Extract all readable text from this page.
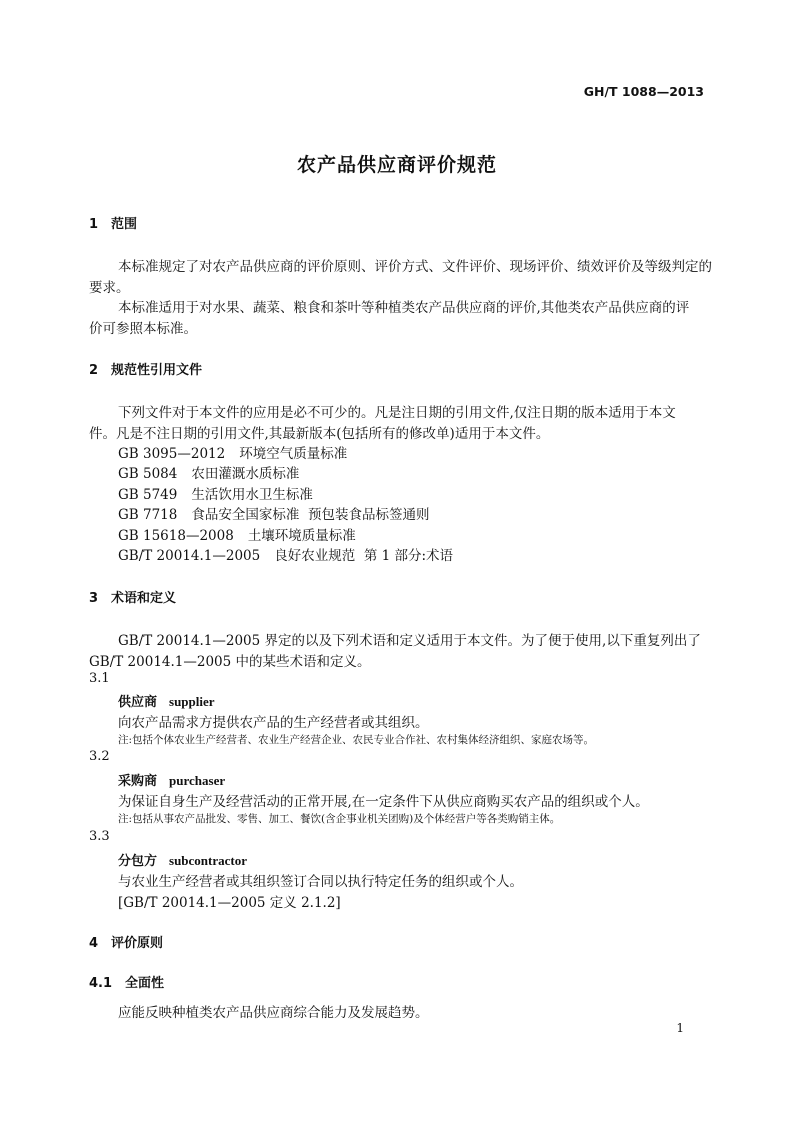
GH/T 1088—2013
农产品供应商评价规范
1 范围
本标准规定了对农产品供应商的评价原则、评价方式、文件评价、现场评价、绩效评价及等级判定的
要求。
本标准适用于对水果、蔬菜、粮食和茶叶等种植类农产品供应商的评价,其他类农产品供应商的评
价可参照本标准。
2 规范性引用文件
下列文件对于本文件的应用是必不可少的。凡是注日期的引用文件,仅注日期的版本适用于本文
件。凡是不注日期的引用文件,其最新版本(包括所有的修改单)适用于本文件。
GB 3095—2012 环境空气质量标准
GB 5084 农田灌溉水质标准
GB 5749 生活饮用水卫生标准
GB 7718 食品安全国家标准  预包装食品标签通则
GB 15618—2008 土壤环境质量标准
GB/T 20014.1—2005 良好农业规范  第 1 部分:术语
3 术语和定义
GB/T 20014.1—2005 界定的以及下列术语和定义适用于本文件。为了便于使用,以下重复列出了
GB/T 20014.1—2005 中的某些术语和定义。
3.1
供应商 supplier
向农产品需求方提供农产品的生产经营者或其组织。
注:包括个体农业生产经营者、农业生产经营企业、农民专业合作社、农村集体经济组织、家庭农场等。
3.2
采购商 purchaser
为保证自身生产及经营活动的正常开展,在一定条件下从供应商购买农产品的组织或个人。
注:包括从事农产品批发、零售、加工、餐饮(含企事业机关团购)及个体经营户等各类购销主体。
3.3
分包方 subcontractor
与农业生产经营者或其组织签订合同以执行特定任务的组织或个人。
[GB/T 20014.1—2005 定义 2.1.2]
4 评价原则
4.1 全面性
应能反映种植类农产品供应商综合能力及发展趋势。
1
